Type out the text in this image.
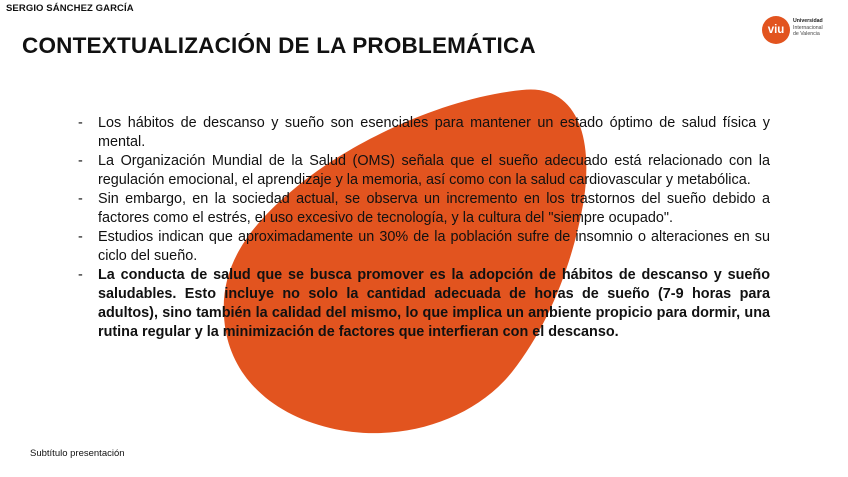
SERGIO SÁNCHEZ GARCÍA
CONTEXTUALIZACIÓN DE LA PROBLEMÁTICA
viu
Universidad
Internacional
de Valencia
-	Los hábitos de descanso y sueño son esenciales para mantener un estado óptimo de salud física y mental.
-	La Organización Mundial de la Salud (OMS) señala que el sueño adecuado está relacionado con la regulación emocional, el aprendizaje y la memoria, así como con la salud cardiovascular y metabólica.
-	Sin embargo, en la sociedad actual, se observa un incremento en los trastornos del sueño debido a factores como el estrés, el uso excesivo de tecnología, y la cultura del "siempre ocupado".
-	Estudios indican que aproximadamente un 30% de la población sufre de insomnio o alteraciones en su ciclo del sueño.
-	La conducta de salud que se busca promover es la adopción de hábitos de descanso y sueño saludables. Esto incluye no solo la cantidad adecuada de horas de sueño (7-9 horas para adultos), sino también la calidad del mismo, lo que implica un ambiente propicio para dormir, una rutina regular y la minimización de factores que interfieran con el descanso.
Subtítulo presentación
